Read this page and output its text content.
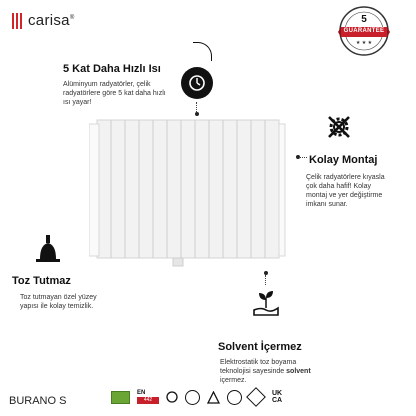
carisa®	5
GUARANTEE
★ ★ ★
5 Kat Daha Hızlı Isı
Alüminyum radyatörler, çelik radyatörlere göre 5 kat daha hızlı ısı yayar!
Kolay Montaj
Çelik radyatörlere kıyasla çok daha hafif! Kolay montaj ve yer değiştirme imkanı sunar.
Toz Tutmaz
Toz tutmayan özel yüzey yapısı ile kolay temizlik.
Solvent İçermez
Elektrostatik toz boyama teknolojisi sayesinde solvent içermez.
BURANO S
EN
442
UK
CA
